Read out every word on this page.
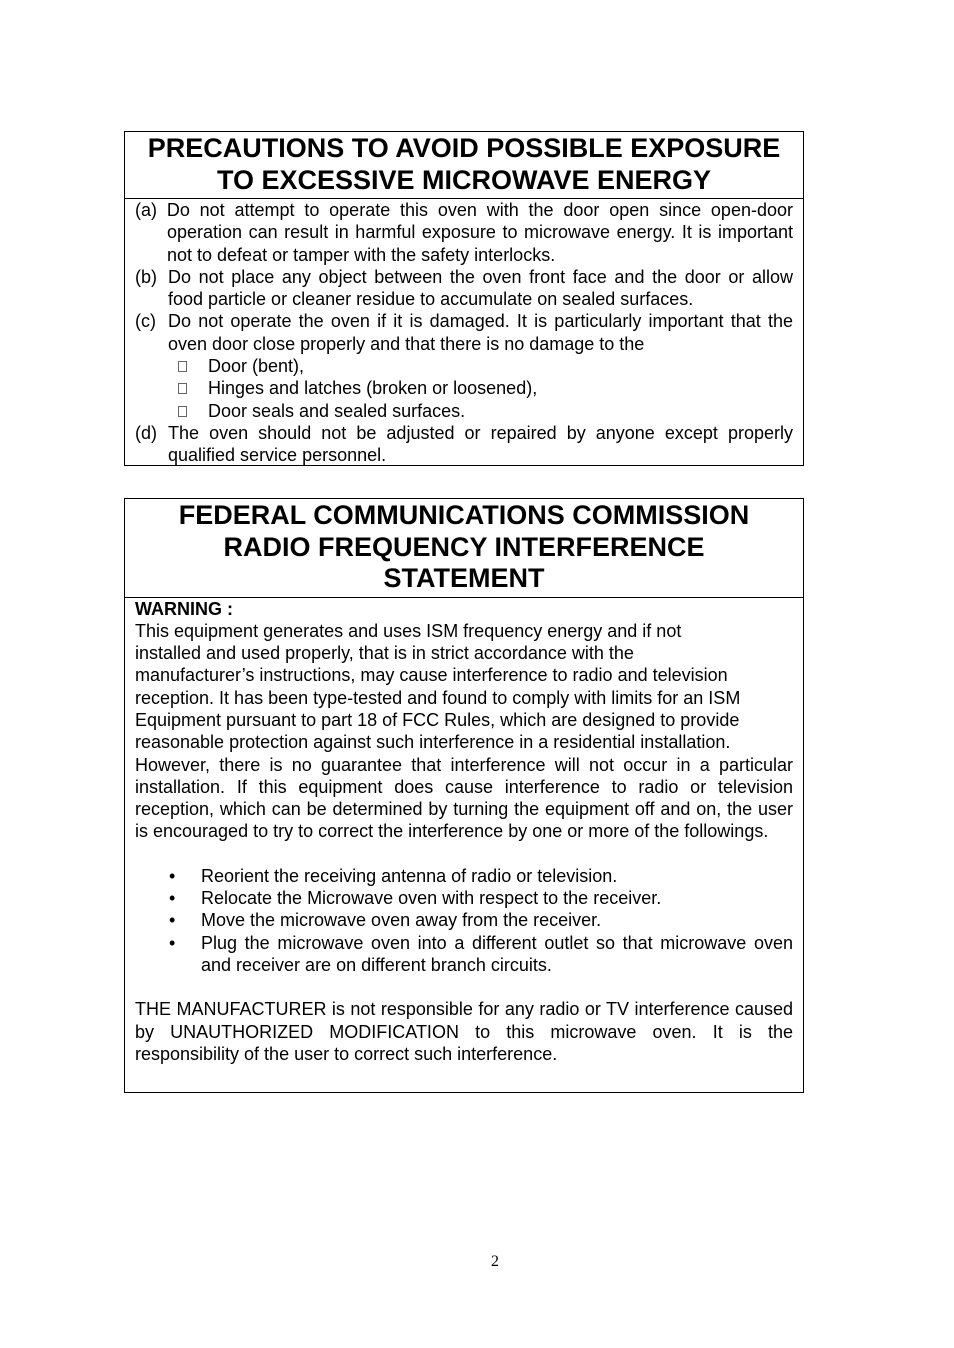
PRECAUTIONS TO AVOID POSSIBLE EXPOSURE
TO EXCESSIVE MICROWAVE ENERGY
(a) Do not attempt to operate this oven with the door open since open-door operation can result in harmful exposure to microwave energy. It is important not to defeat or tamper with the safety interlocks.
(b) Do not place any object between the oven front face and the door or allow food particle or cleaner residue to accumulate on sealed surfaces.
(c) Do not operate the oven if it is damaged. It is particularly important that the oven door close properly and that there is no damage to the
Door (bent),
Hinges and latches (broken or loosened),
Door seals and sealed surfaces.
(d) The oven should not be adjusted or repaired by anyone except properly qualified service personnel.
FEDERAL COMMUNICATIONS COMMISSION
RADIO FREQUENCY INTERFERENCE
STATEMENT
WARNING :
This equipment generates and uses ISM frequency energy and if not
installed and used properly, that is in strict accordance with the
manufacturer’s instructions, may cause interference to radio and television
reception. It has been type-tested and found to comply with limits for an ISM
Equipment pursuant to part 18 of FCC Rules, which are designed to provide
reasonable protection against such interference in a residential installation.
However, there is no guarantee that interference will not occur in a particular installation. If this equipment does cause interference to radio or television reception, which can be determined by turning the equipment off and on, the user is encouraged to try to correct the interference by one or more of the followings.
•	Reorient the receiving antenna of radio or television.
•	Relocate the Microwave oven with respect to the receiver.
•	Move the microwave oven away from the receiver.
•	Plug the microwave oven into a different outlet so that microwave oven and receiver are on different branch circuits.
THE MANUFACTURER is not responsible for any radio or TV interference caused by UNAUTHORIZED MODIFICATION to this microwave oven. It is the responsibility of the user to correct such interference.
2
